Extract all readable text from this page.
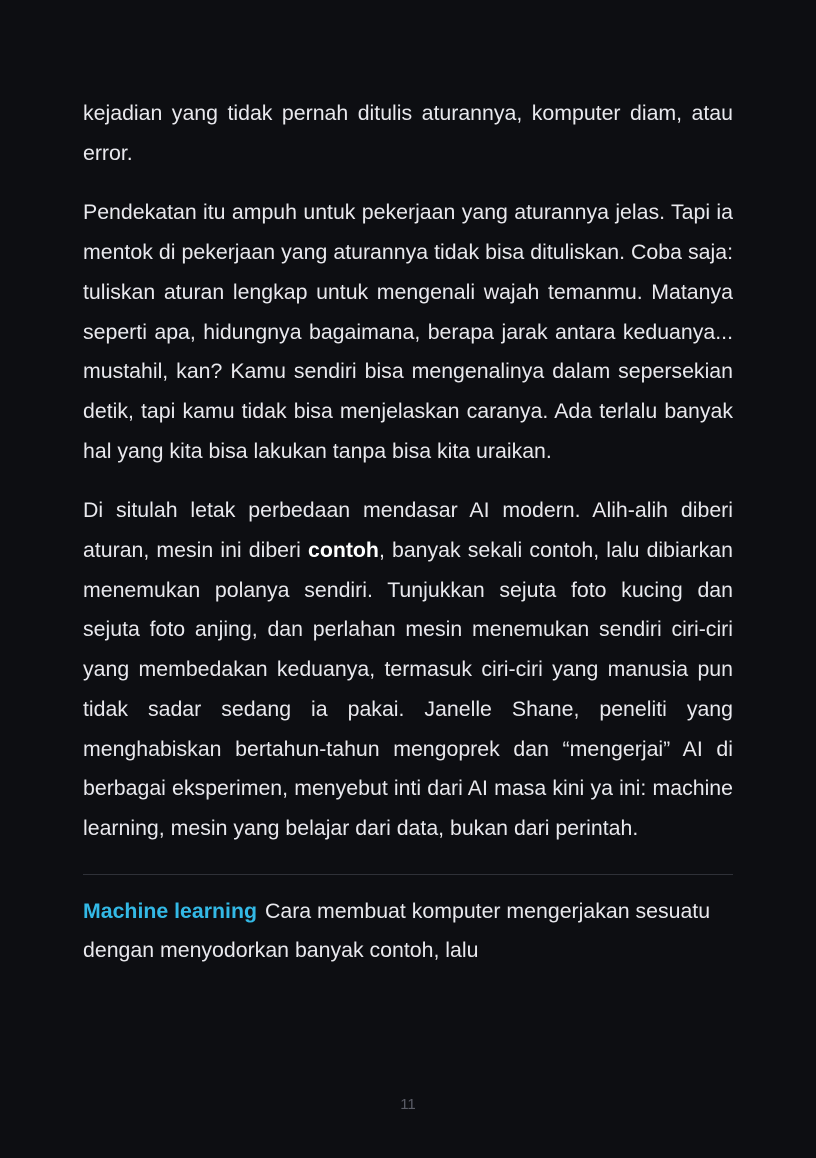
kejadian yang tidak pernah ditulis aturannya, komputer diam, atau error.

Pendekatan itu ampuh untuk pekerjaan yang aturannya jelas. Tapi ia mentok di pekerjaan yang aturannya tidak bisa dituliskan. Coba saja: tuliskan aturan lengkap untuk mengenali wajah temanmu. Matanya seperti apa, hidungnya bagaimana, berapa jarak antara keduanya... mustahil, kan? Kamu sendiri bisa mengenalinya dalam sepersekian detik, tapi kamu tidak bisa menjelaskan caranya. Ada terlalu banyak hal yang kita bisa lakukan tanpa bisa kita uraikan.

Di situlah letak perbedaan mendasar AI modern. Alih-alih diberi aturan, mesin ini diberi contoh, banyak sekali contoh, lalu dibiarkan menemukan polanya sendiri. Tunjukkan sejuta foto kucing dan sejuta foto anjing, dan perlahan mesin menemukan sendiri ciri-ciri yang membedakan keduanya, termasuk ciri-ciri yang manusia pun tidak sadar sedang ia pakai. Janelle Shane, peneliti yang menghabiskan bertahun-tahun mengoprek dan “mengerjai” AI di berbagai eksperimen, menyebut inti dari AI masa kini ya ini: machine learning, mesin yang belajar dari data, bukan dari perintah.

Machine learning Cara membuat komputer mengerjakan sesuatu dengan menyodorkan banyak contoh, lalu

11
